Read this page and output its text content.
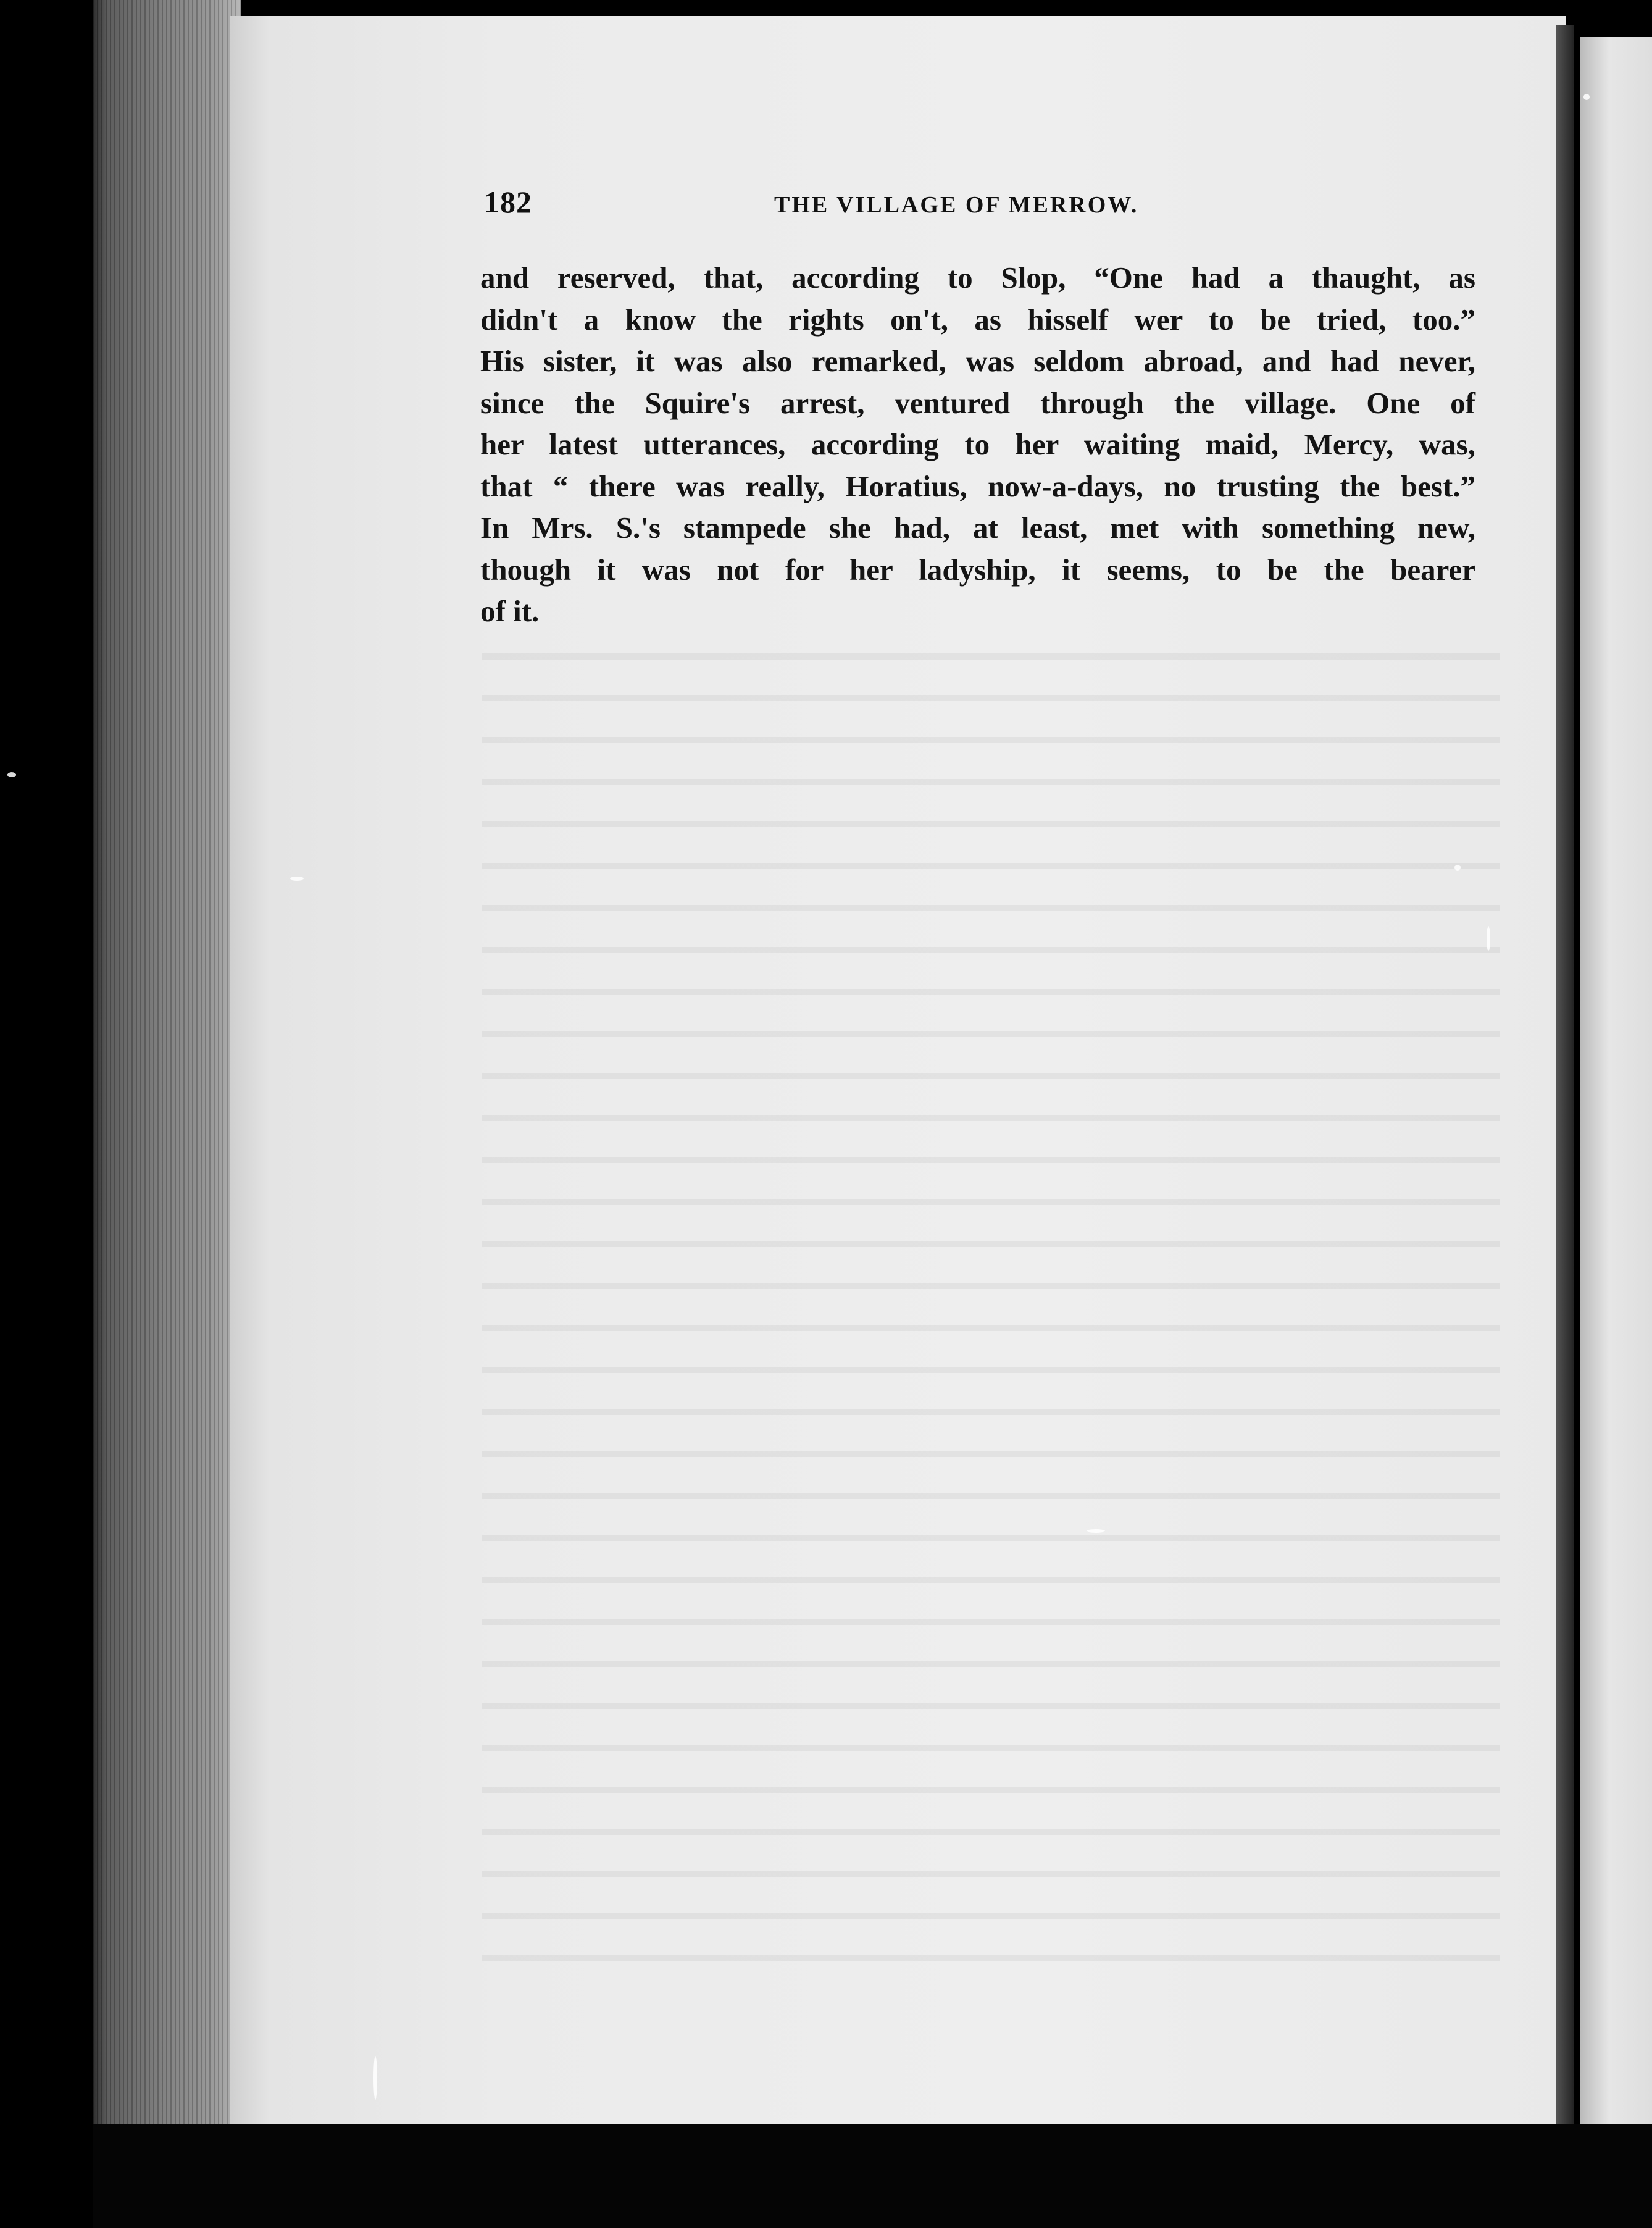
182	THE VILLAGE OF MERROW.
and reserved, that, according to Slop, “One had a thaught, as
didn't a know the rights on't, as hisself wer to be tried, too.”
His sister, it was also remarked, was seldom abroad, and had never,
since the Squire's arrest, ventured through the village. One of
her latest utterances, according to her waiting maid, Mercy, was,
that “ there was really, Horatius, now-a-days, no trusting the best.”
In Mrs. S.'s stampede she had, at least, met with something new,
though it was not for her ladyship, it seems, to be the bearer
of it.
